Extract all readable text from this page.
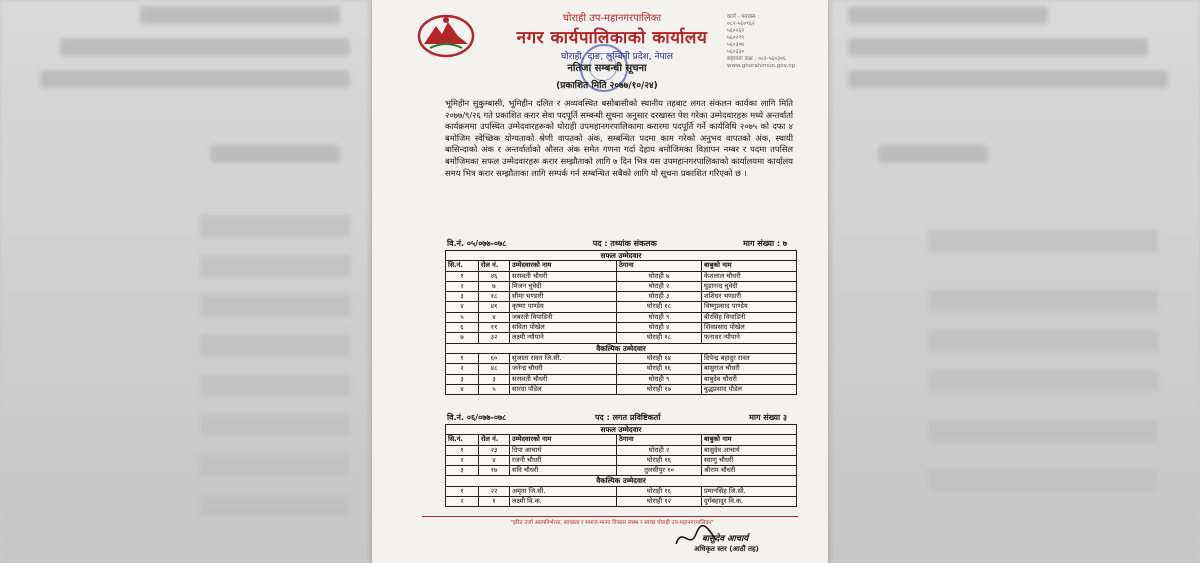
घोराही उप-महानगरपालिका
नगर कार्यपालिकाको कार्यालय
घोराही, दाङ, लुम्बिनी प्रदेश, नेपाल
कार्य - फ्याक्स :
०८२-५६०९६२
५६०२६२
५६०२९९
५६०३०७
५६०३३०
सहायता कक्ष : ०८२-५६०३०६
www.ghorahimun.gov.np
नतिजा सम्बन्धी सूचना
(प्रकाशित मिति २०७७/१०/२४)
भूमिहीन सुकुम्बासी, भूमिहीन दलित र अव्यवस्थित बसोबासीको स्थानीय तहबाट लगत संकलन कार्यका लागि मिति २०७७/९/२६ गते प्रकाशित करार सेवा पदपूर्ति सम्बन्धी सूचना अनुसार दरखास्त पेश गरेका उम्मेदवारहरू मध्ये अन्तर्वार्ता कार्यक्रममा उपस्थित उम्मेदवारहरूको घोराही उपमहानगरपालिकामा करारमा पदपूर्ति गर्ने कार्यविधि २०७५ को दफा ४ बमोजिम स्वेच्छिक योग्यताको श्रेणी वापतको अंक, सम्बन्धित पदमा काम गरेको अनुभव वापतको अंक, स्थायी बासिन्दाको अंक र अन्तर्वार्ताको औसत अंक समेत गणना गर्दा देहाय बमोजिमका विज्ञापन नम्बर र पदमा तपसिल बमोजिमका सफल उम्मेदवारहरू करार सम्झौताको लागि ७ दिन भित्र यस उपमहानगरपालिकाको कार्यालयमा कार्यालय समय भित्र करार सम्झौताका लागि सम्पर्क गर्न सम्बन्धित सबैको लागि यो सूचना प्रकाशित गरिएको छ ।
वि.नं. ०५/०७७-०७८	पद : तथ्यांक संकलक	माग संख्या : ७
सफल उम्मेदवार				
सि.नं.	रोल नं.	उम्मेदवारको नाम	ठेगाना	बाबुको नाम
१	४६	सरस्वती चौधरी	घोराही ७	केशलाल चौधरी
२	७	मिजन चुवेदी	घोराही २	घुडानन्द चुवेदी
३	१८	सीमा भण्डारी	घोराही ३	शशिधर भण्डारी
४	४१	कृष्णा पाण्डेय	घोराही १८	विष्णुप्रसाद पाण्डेय
५	४	जबरती विपाडिनी	घोराही ९	बीरसिंह विपाडिनी
६	११	सविता पोखेल	घोराही ४	शिवप्रसाद पोखेल
७	३२	लक्ष्मी न्यौपाने	घोराही १८	फनाधर न्यौपाने
वैकल्पिक उम्मेदवार				
१	६०	सुजाता रावत जि.सी.	घोराही १४	दिपेन्द्र बहादुर रावत
२	४८	जनेन्द्र चौधरी	घोराही १६	बासुराज चौधरी
३	३	सरस्वती चौधरी	घोराही ९	बाबुदेव चौधरी
४	५	सारदा पौडेल	घोराही १७	बुद्धप्रसाद पौडेल
वि.नं. ०६/०७७-०७८	पद : लगत प्रविष्टिकर्ता	माग संख्या ३
सफल उम्मेदवार				
सि.नं.	रोल नं.	उम्मेदवारको नाम	ठेगाना	बाबुको नाम
१	२३	दिपा आचार्य	घोराही २	बासुदेव आचार्य
२	४	रजनी चौधरी	घोराही १६	स्याणु चौधरी
३	१७	सवि चौधरी	तुलसीपुर १०	श्रीराम चौधरी
वैकल्पिक उम्मेदवार				
१	२२	अमृता जि.सी.	घोराही १६	प्रमानसिंह जि.सी.
२	१	लक्ष्मी वि.क.	घोराही १२	दुर्गबहादुर वि.क.
"हरित उर्जा आत्मनिर्भरता, स्वच्छता र समाज-मानव विकास स्वस्थ र स्वच्छ घोराही उप-महानगरपालिका"
बासुदेव आचार्य
अधिकृत स्तर (आठौं तह)
